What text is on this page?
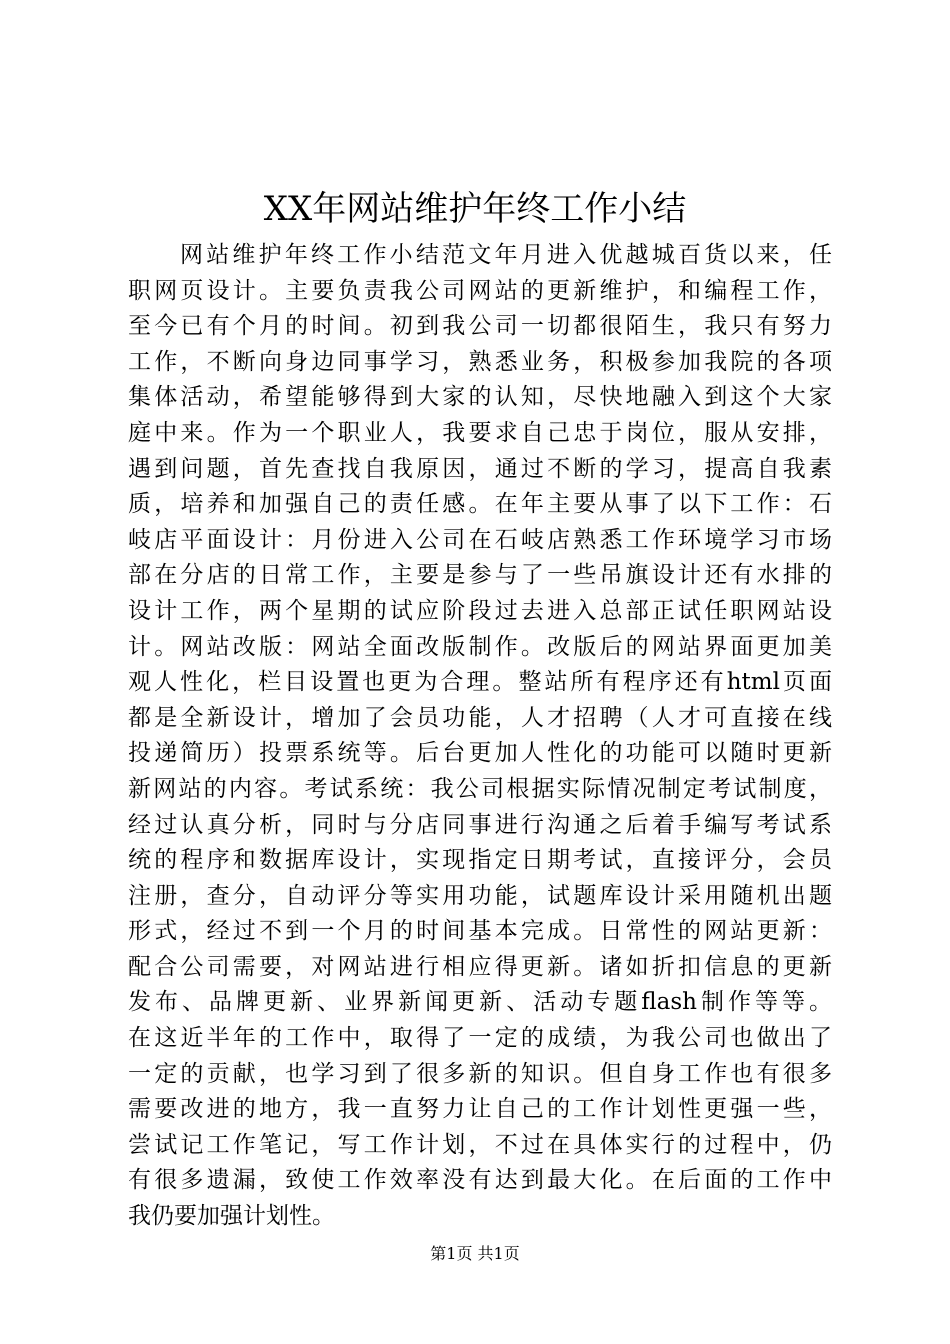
XX年网站维护年终工作小结
网站维护年终工作小结范文年月进入优越城百货以来，任
职网页设计。主要负责我公司网站的更新维护，和编程工作，
至今已有个月的时间。初到我公司一切都很陌生，我只有努力
工作，不断向身边同事学习，熟悉业务，积极参加我院的各项
集体活动，希望能够得到大家的认知，尽快地融入到这个大家
庭中来。作为一个职业人，我要求自己忠于岗位，服从安排，
遇到问题，首先查找自我原因，通过不断的学习，提高自我素
质，培养和加强自己的责任感。在年主要从事了以下工作：石
岐店平面设计：月份进入公司在石岐店熟悉工作环境学习市场
部在分店的日常工作，主要是参与了一些吊旗设计还有水排的
设计工作，两个星期的试应阶段过去进入总部正试任职网站设
计。网站改版：网站全面改版制作。改版后的网站界面更加美
观人性化，栏目设置也更为合理。整站所有程序还有html页面
都是全新设计，增加了会员功能，人才招聘（人才可直接在线
投递简历）投票系统等。后台更加人性化的功能可以随时更新
新网站的内容。考试系统：我公司根据实际情况制定考试制度，
经过认真分析，同时与分店同事进行沟通之后着手编写考试系
统的程序和数据库设计，实现指定日期考试，直接评分，会员
注册，查分，自动评分等实用功能，试题库设计采用随机出题
形式，经过不到一个月的时间基本完成。日常性的网站更新：
配合公司需要，对网站进行相应得更新。诸如折扣信息的更新
发布、品牌更新、业界新闻更新、活动专题flash制作等等。
在这近半年的工作中，取得了一定的成绩，为我公司也做出了
一定的贡献，也学习到了很多新的知识。但自身工作也有很多
需要改进的地方，我一直努力让自己的工作计划性更强一些，
尝试记工作笔记，写工作计划，不过在具体实行的过程中，仍
有很多遗漏，致使工作效率没有达到最大化。在后面的工作中
我仍要加强计划性。
第1页 共1页
